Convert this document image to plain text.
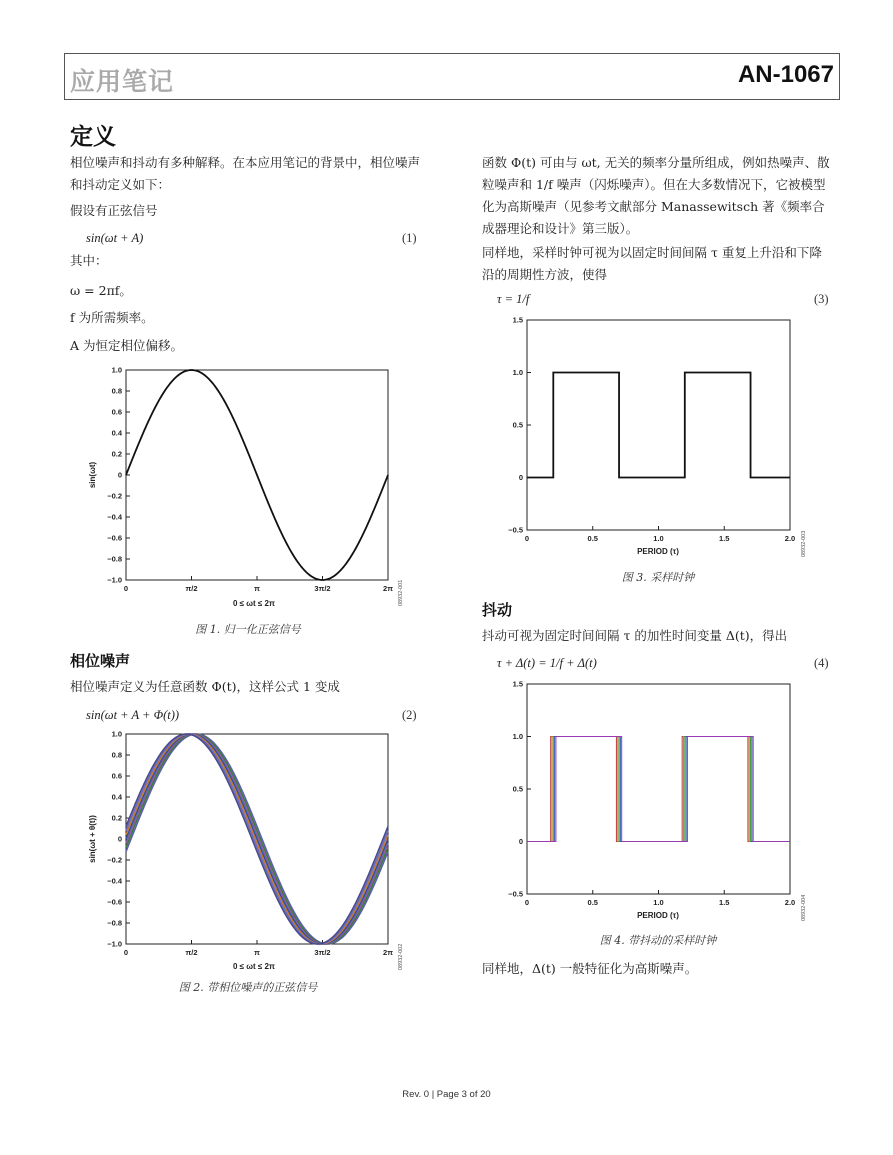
应用笔记	AN-1067
定义
相位噪声和抖动有多种解释。在本应用笔记的背景中，相位噪声和抖动定义如下：
假设有正弦信号
sin(ωt + A)	(1)
其中：
ω = 2πf。
f 为所需频率。
A 为恒定相位偏移。
1.0
0.8
0.6
0.4
0.2
0
−0.2
−0.4
−0.6
−0.8
−1.0
0	π/2	π	3π/2	2π
0 ≤ ωt ≤ 2π
sin(ωt)
08932-001
图 1. 归一化正弦信号
相位噪声
相位噪声定义为任意函数 Φ(t)，这样公式 1 变成
sin(ωt + A + Φ(t))	(2)
1.0
0.8
0.6
0.4
0.2
0
−0.2
−0.4
−0.6
−0.8
−1.0
0	π/2	π	3π/2	2π
0 ≤ ωt ≤ 2π
sin(ωt + θ(t))
08932-002
图 2. 带相位噪声的正弦信号
函数 Φ(t) 可由与 ωt, 无关的频率分量所组成，例如热噪声、散粒噪声和 1/f 噪声（闪烁噪声）。但在大多数情况下，它被模型化为高斯噪声（见参考文献部分 Manassewitsch 著《频率合成器理论和设计》第三版）。
同样地，采样时钟可视为以固定时间间隔 τ 重复上升沿和下降沿的周期性方波，使得
τ = 1/f	(3)
1.5
1.0
0.5
0
−0.5
0	0.5	1.0	1.5	2.0
PERIOD (τ)	08932-003
图 3. 采样时钟
抖动
抖动可视为固定时间间隔 τ 的加性时间变量 Δ(t)，得出
τ + Δ(t) = 1/f + Δ(t)	(4)
1.5
1.0
0.5
0
−0.5
0	0.5	1.0	1.5	2.0
PERIOD (τ)	08932-004
图 4. 带抖动的采样时钟
同样地，Δ(t) 一般特征化为高斯噪声。
Rev. 0 | Page 3 of 20
